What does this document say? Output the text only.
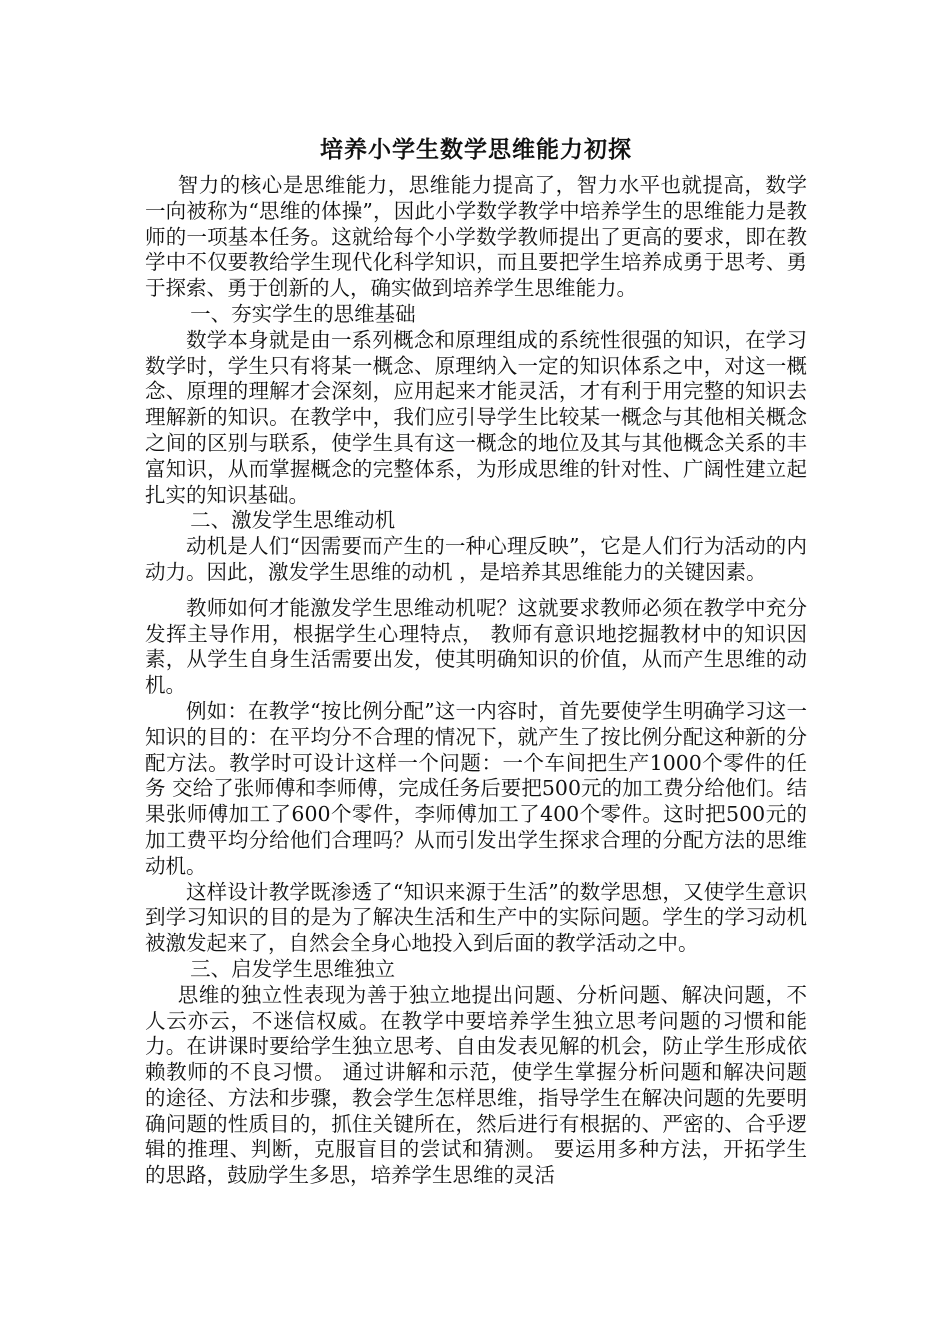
培养小学生数学思维能力初探

智力的核心是思维能力，思维能力提高了，智力水平也就提高，数学一向被称为“思维的体操”，因此小学数学教学中培养学生的思维能力是教师的一项基本任务。这就给每个小学数学教师提出了更高的要求，即在教学中不仅要教给学生现代化科学知识，而且要把学生培养成勇于思考、勇于探索、勇于创新的人，确实做到培养学生思维能力。

一、夯实学生的思维基础

数学本身就是由一系列概念和原理组成的系统性很强的知识，在学习数学时，学生只有将某一概念、原理纳入一定的知识体系之中，对这一概念、原理的理解才会深刻，应用起来才能灵活，才有利于用完整的知识去理解新的知识。在教学中，我们应引导学生比较某一概念与其他相关概念之间的区别与联系，使学生具有这一概念的地位及其与其他概念关系的丰富知识，从而掌握概念的完整体系，为形成思维的针对性、广阔性建立起扎实的知识基础。

二、激发学生思维动机

动机是人们“因需要而产生的一种心理反映”，它是人们行为活动的内动力。因此，激发学生思维的动机 ，是培养其思维能力的关键因素。

教师如何才能激发学生思维动机呢？这就要求教师必须在教学中充分发挥主导作用，根据学生心理特点， 教师有意识地挖掘教材中的知识因素，从学生自身生活需要出发，使其明确知识的价值，从而产生思维的动机。

例如：在教学“按比例分配”这一内容时，首先要使学生明确学习这一知识的目的：在平均分不合理的情况下，就产生了按比例分配这种新的分配方法。教学时可设计这样一个问题：一个车间把生产1000个零件的任务 交给了张师傅和李师傅，完成任务后要把500元的加工费分给他们。结果张师傅加工了600个零件，李师傅加工了400个零件。这时把500元的加工费平均分给他们合理吗？从而引发出学生探求合理的分配方法的思维动机。

这样设计教学既渗透了“知识来源于生活”的数学思想，又使学生意识到学习知识的目的是为了解决生活和生产中的实际问题。学生的学习动机被激发起来了，自然会全身心地投入到后面的教学活动之中。

三、启发学生思维独立

思维的独立性表现为善于独立地提出问题、分析问题、解决问题，不人云亦云，不迷信权威。在教学中要培养学生独立思考问题的习惯和能力。在讲课时要给学生独立思考、自由发表见解的机会，防止学生形成依赖教师的不良习惯。 通过讲解和示范，使学生掌握分析问题和解决问题的途径、方法和步骤，教会学生怎样思维，指导学生在解决问题的先要明确问题的性质目的，抓住关键所在，然后进行有根据的、严密的、合乎逻辑的推理、判断，克服盲目的尝试和猜测。 要运用多种方法，开拓学生的思路，鼓励学生多思，培养学生思维的灵活
